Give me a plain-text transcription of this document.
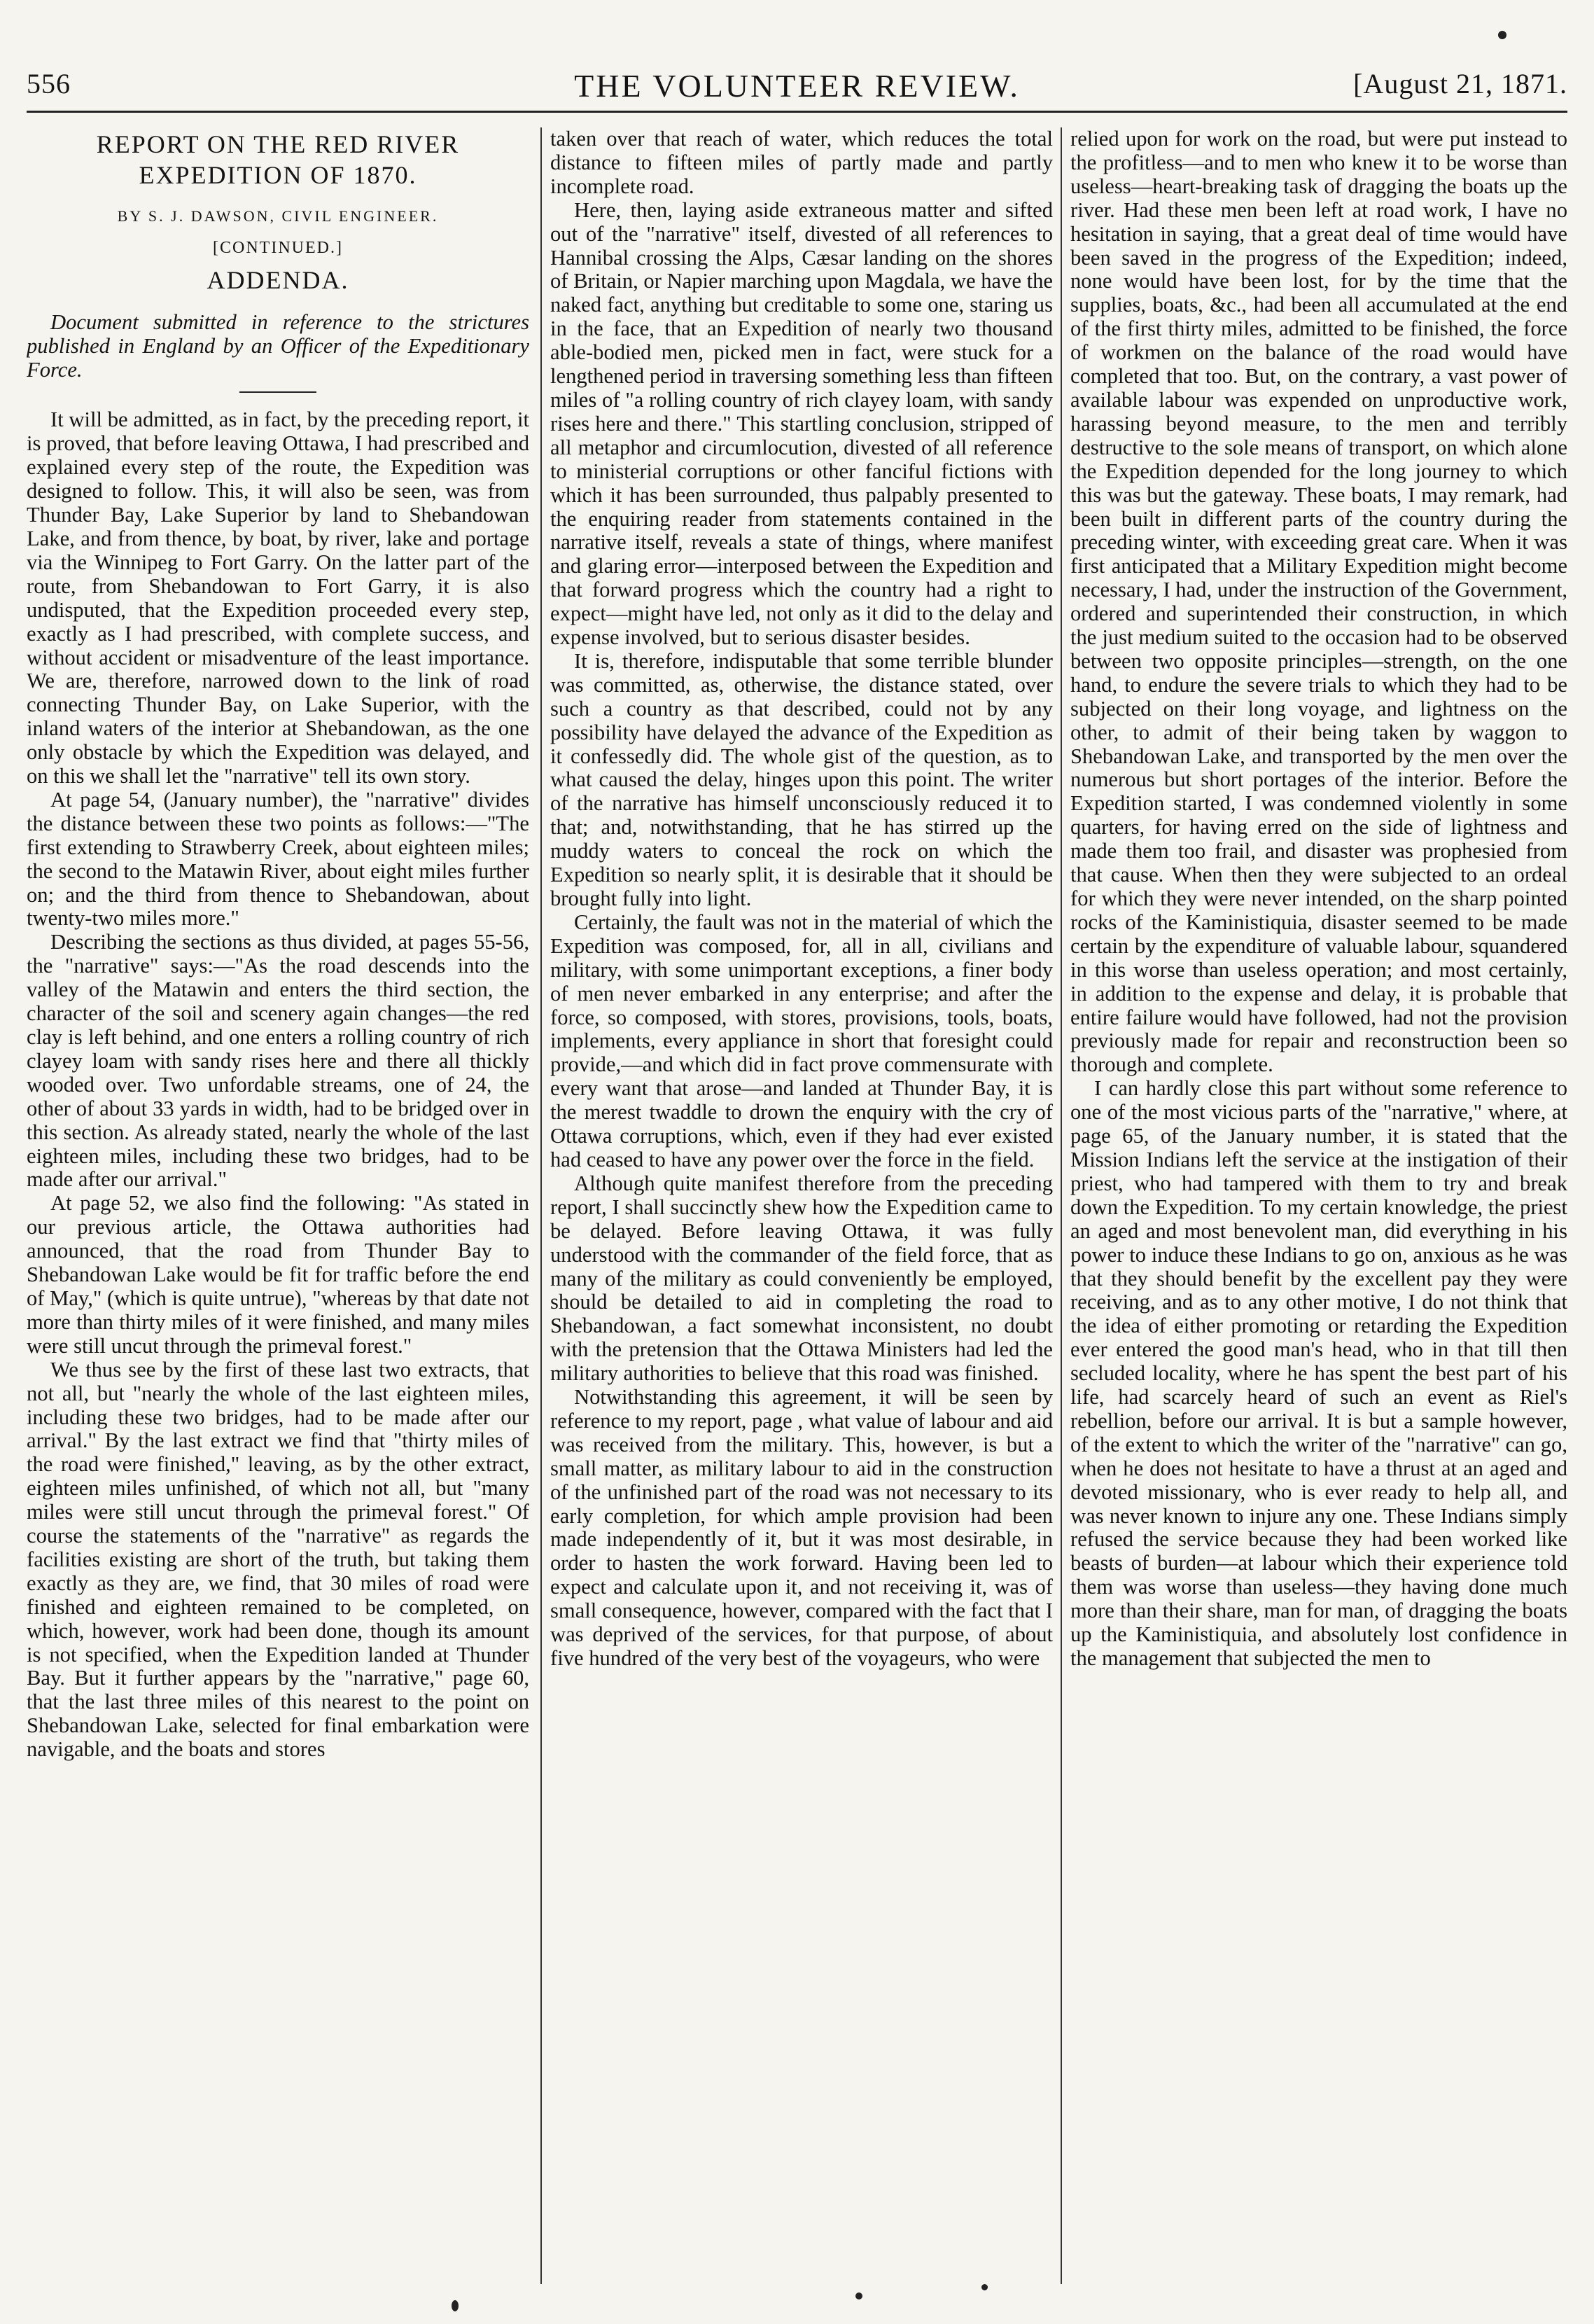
556	THE VOLUNTEER REVIEW.	[August 21, 1871.
REPORT ON THE RED RIVER EXPEDITION OF 1870.
BY S. J. DAWSON, CIVIL ENGINEER.
[CONTINUED.]
ADDENDA.

Document submitted in reference to the strictures published in England by an Officer of the Expeditionary Force.

It will be admitted, as in fact, by the preceding report, it is proved, that before leaving Ottawa, I had prescribed and explained every step of the route, the Expedition was designed to follow. This, it will also be seen, was from Thunder Bay, Lake Superior by land to Shebandowan Lake, and from thence, by boat, by river, lake and portage via the Winnipeg to Fort Garry. On the latter part of the route, from Shebandowan to Fort Garry, it is also undisputed, that the Expedition proceeded every step, exactly as I had prescribed, with complete success, and without accident or misadventure of the least importance. We are, therefore, narrowed down to the link of road connecting Thunder Bay, on Lake Superior, with the inland waters of the interior at Shebandowan, as the one only obstacle by which the Expedition was delayed, and on this we shall let the "narrative" tell its own story.

At page 54, (January number), the "narrative" divides the distance between these two points as follows:—"The first extending to Strawberry Creek, about eighteen miles; the second to the Matawin River, about eight miles further on; and the third from thence to Shebandowan, about twenty-two miles more."

Describing the sections as thus divided, at pages 55-56, the "narrative" says:—"As the road descends into the valley of the Matawin and enters the third section, the character of the soil and scenery again changes—the red clay is left behind, and one enters a rolling country of rich clayey loam with sandy rises here and there all thickly wooded over. Two unfordable streams, one of 24, the other of about 33 yards in width, had to be bridged over in this section. As already stated, nearly the whole of the last eighteen miles, including these two bridges, had to be made after our arrival."

At page 52, we also find the following: "As stated in our previous article, the Ottawa authorities had announced, that the road from Thunder Bay to Shebandowan Lake would be fit for traffic before the end of May," (which is quite untrue), "whereas by that date not more than thirty miles of it were finished, and many miles were still uncut through the primeval forest."

We thus see by the first of these last two extracts, that not all, but "nearly the whole of the last eighteen miles, including these two bridges, had to be made after our arrival." By the last extract we find that "thirty miles of the road were finished," leaving, as by the other extract, eighteen miles unfinished, of which not all, but "many miles were still uncut through the primeval forest." Of course the statements of the "narrative" as regards the facilities existing are short of the truth, but taking them exactly as they are, we find, that 30 miles of road were finished and eighteen remained to be completed, on which, however, work had been done, though its amount is not specified, when the Expedition landed at Thunder Bay. But it further appears by the "narrative," page 60, that the last three miles of this nearest to the point on Shebandowan Lake, selected for final embarkation were navigable, and the boats and stores

taken over that reach of water, which reduces the total distance to fifteen miles of partly made and partly incomplete road.

Here, then, laying aside extraneous matter and sifted out of the "narrative" itself, divested of all references to Hannibal crossing the Alps, Cæsar landing on the shores of Britain, or Napier marching upon Magdala, we have the naked fact, anything but creditable to some one, staring us in the face, that an Expedition of nearly two thousand able-bodied men, picked men in fact, were stuck for a lengthened period in traversing something less than fifteen miles of "a rolling country of rich clayey loam, with sandy rises here and there." This startling conclusion, stripped of all metaphor and circumlocution, divested of all reference to ministerial corruptions or other fanciful fictions with which it has been surrounded, thus palpably presented to the enquiring reader from statements contained in the narrative itself, reveals a state of things, where manifest and glaring error—interposed between the Expedition and that forward progress which the country had a right to expect—might have led, not only as it did to the delay and expense involved, but to serious disaster besides.

It is, therefore, indisputable that some terrible blunder was committed, as, otherwise, the distance stated, over such a country as that described, could not by any possibility have delayed the advance of the Expedition as it confessedly did. The whole gist of the question, as to what caused the delay, hinges upon this point. The writer of the narrative has himself unconsciously reduced it to that; and, notwithstanding, that he has stirred up the muddy waters to conceal the rock on which the Expedition so nearly split, it is desirable that it should be brought fully into light.

Certainly, the fault was not in the material of which the Expedition was composed, for, all in all, civilians and military, with some unimportant exceptions, a finer body of men never embarked in any enterprise; and after the force, so composed, with stores, provisions, tools, boats, implements, every appliance in short that foresight could provide,—and which did in fact prove commensurate with every want that arose—and landed at Thunder Bay, it is the merest twaddle to drown the enquiry with the cry of Ottawa corruptions, which, even if they had ever existed had ceased to have any power over the force in the field.

Although quite manifest therefore from the preceding report, I shall succinctly shew how the Expedition came to be delayed. Before leaving Ottawa, it was fully understood with the commander of the field force, that as many of the military as could conveniently be employed, should be detailed to aid in completing the road to Shebandowan, a fact somewhat inconsistent, no doubt with the pretension that the Ottawa Ministers had led the military authorities to believe that this road was finished.

Notwithstanding this agreement, it will be seen by reference to my report, page , what value of labour and aid was received from the military. This, however, is but a small matter, as military labour to aid in the construction of the unfinished part of the road was not necessary to its early completion, for which ample provision had been made independently of it, but it was most desirable, in order to hasten the work forward. Having been led to expect and calculate upon it, and not receiving it, was of small consequence, however, compared with the fact that I was deprived of the services, for that purpose, of about five hundred of the very best of the voyageurs, who were

relied upon for work on the road, but were put instead to the profitless—and to men who knew it to be worse than useless—heart-breaking task of dragging the boats up the river. Had these men been left at road work, I have no hesitation in saying, that a great deal of time would have been saved in the progress of the Expedition; indeed, none would have been lost, for by the time that the supplies, boats, &c., had been all accumulated at the end of the first thirty miles, admitted to be finished, the force of workmen on the balance of the road would have completed that too. But, on the contrary, a vast power of available labour was expended on unproductive work, harassing beyond measure, to the men and terribly destructive to the sole means of transport, on which alone the Expedition depended for the long journey to which this was but the gateway. These boats, I may remark, had been built in different parts of the country during the preceding winter, with exceeding great care. When it was first anticipated that a Military Expedition might become necessary, I had, under the instruction of the Government, ordered and superintended their construction, in which the just medium suited to the occasion had to be observed between two opposite principles—strength, on the one hand, to endure the severe trials to which they had to be subjected on their long voyage, and lightness on the other, to admit of their being taken by waggon to Shebandowan Lake, and transported by the men over the numerous but short portages of the interior. Before the Expedition started, I was condemned violently in some quarters, for having erred on the side of lightness and made them too frail, and disaster was prophesied from that cause. When then they were subjected to an ordeal for which they were never intended, on the sharp pointed rocks of the Kaministiquia, disaster seemed to be made certain by the expenditure of valuable labour, squandered in this worse than useless operation; and most certainly, in addition to the expense and delay, it is probable that entire failure would have followed, had not the provision previously made for repair and reconstruction been so thorough and complete.

I can hardly close this part without some reference to one of the most vicious parts of the "narrative," where, at page 65, of the January number, it is stated that the Mission Indians left the service at the instigation of their priest, who had tampered with them to try and break down the Expedition. To my certain knowledge, the priest an aged and most benevolent man, did everything in his power to induce these Indians to go on, anxious as he was that they should benefit by the excellent pay they were receiving, and as to any other motive, I do not think that the idea of either promoting or retarding the Expedition ever entered the good man's head, who in that till then secluded locality, where he has spent the best part of his life, had scarcely heard of such an event as Riel's rebellion, before our arrival. It is but a sample however, of the extent to which the writer of the "narrative" can go, when he does not hesitate to have a thrust at an aged and devoted missionary, who is ever ready to help all, and was never known to injure any one. These Indians simply refused the service because they had been worked like beasts of burden—at labour which their experience told them was worse than useless—they having done much more than their share, man for man, of dragging the boats up the Kaministiquia, and absolutely lost confidence in the management that subjected the men to
